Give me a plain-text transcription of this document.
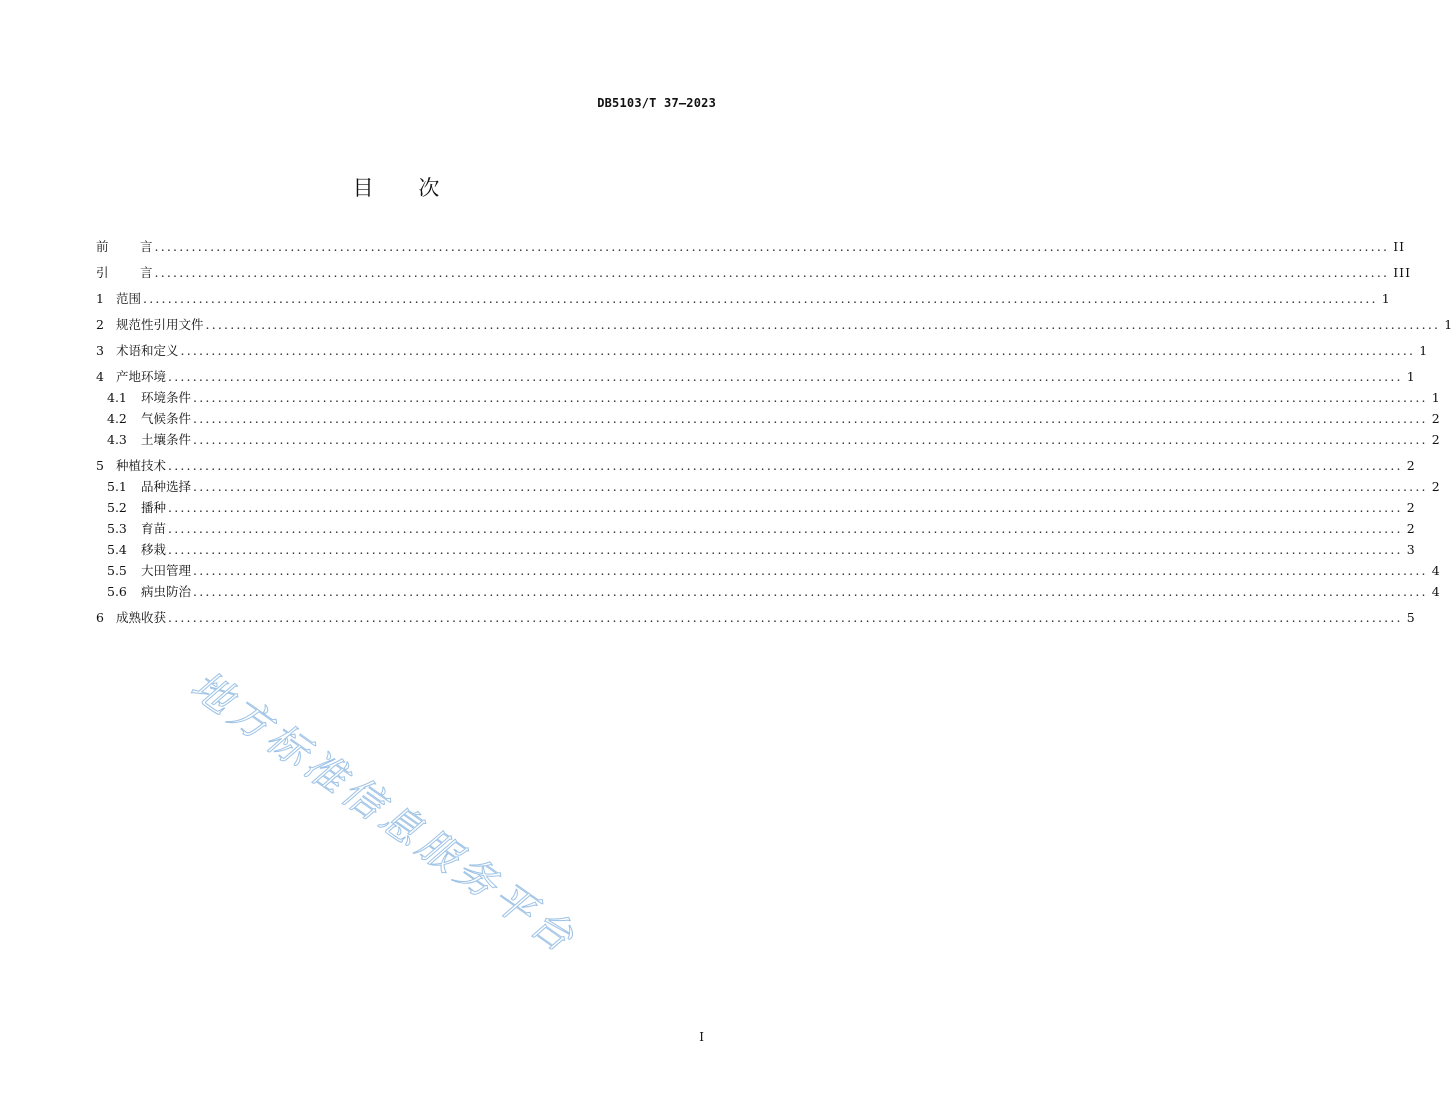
DB5103/T 37—2023
目 次
前	言 ........................................................................................................................................................................................................ II
引	言 ........................................................................................................................................................................................................ III
1 范围 ........................................................................................................................................................................................................ 1
2 规范性引用文件 ........................................................................................................................................................................................................ 1
3 术语和定义 ........................................................................................................................................................................................................ 1
4 产地环境 ........................................................................................................................................................................................................ 1
4.1 环境条件 ........................................................................................................................................................................................................ 1
4.2 气候条件 ........................................................................................................................................................................................................ 2
4.3 土壤条件 ........................................................................................................................................................................................................ 2
5 种植技术 ........................................................................................................................................................................................................ 2
5.1 品种选择 ........................................................................................................................................................................................................ 2
5.2 播种 ........................................................................................................................................................................................................ 2
5.3 育苗 ........................................................................................................................................................................................................ 2
5.4 移栽 ........................................................................................................................................................................................................ 3
5.5 大田管理 ........................................................................................................................................................................................................ 4
5.6 病虫防治 ........................................................................................................................................................................................................ 4
6 成熟收获 ........................................................................................................................................................................................................ 5
地方标准信息服务平台
I
